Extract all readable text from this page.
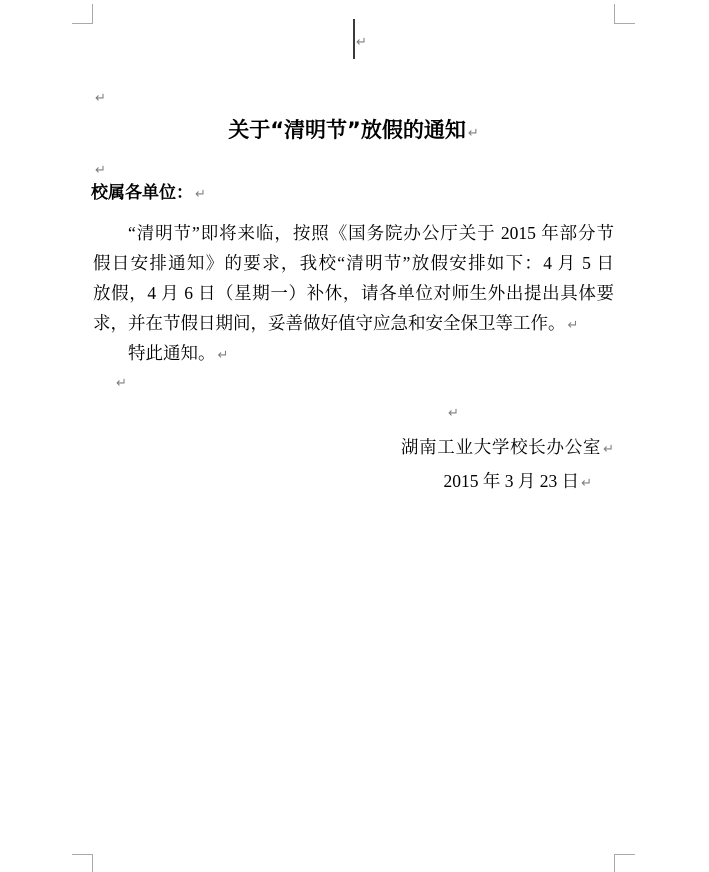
↵
↵
关于“清明节”放假的通知 ↵
↵
校属各单位： ↵
“清明节”即将来临，按照《国务院办公厅关于 2015 年部分节
假日安排通知》的要求，我校“清明节”放假安排如下：4 月 5 日
放假，4 月 6 日（星期一）补休，请各单位对师生外出提出具体要
求，并在节假日期间，妥善做好值守应急和安全保卫等工作。 ↵
特此通知。 ↵
↵
↵
湖南工业大学校长办公室 ↵
2015 年 3 月 23 日 ↵
